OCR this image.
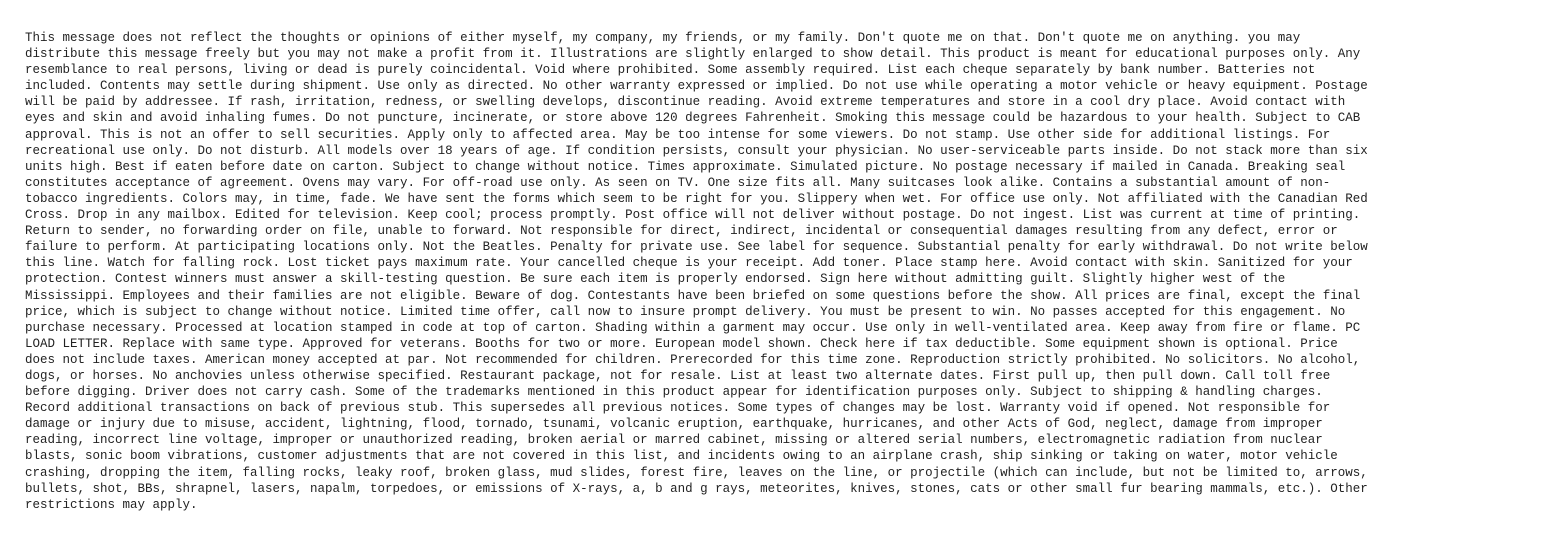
This message does not reflect the thoughts or opinions of either myself, my company, my friends, or my family. Don't quote me on that. Don't quote me on anything. you may
distribute this message freely but you may not make a profit from it. Illustrations are slightly enlarged to show detail. This product is meant for educational purposes only. Any
resemblance to real persons, living or dead is purely coincidental. Void where prohibited. Some assembly required. List each cheque separately by bank number. Batteries not
included. Contents may settle during shipment. Use only as directed. No other warranty expressed or implied. Do not use while operating a motor vehicle or heavy equipment. Postage
will be paid by addressee. If rash, irritation, redness, or swelling develops, discontinue reading. Avoid extreme temperatures and store in a cool dry place. Avoid contact with
eyes and skin and avoid inhaling fumes. Do not puncture, incinerate, or store above 120 degrees Fahrenheit. Smoking this message could be hazardous to your health. Subject to CAB
approval. This is not an offer to sell securities. Apply only to affected area. May be too intense for some viewers. Do not stamp. Use other side for additional listings. For
recreational use only. Do not disturb. All models over 18 years of age. If condition persists, consult your physician. No user-serviceable parts inside. Do not stack more than six
units high. Best if eaten before date on carton. Subject to change without notice. Times approximate. Simulated picture. No postage necessary if mailed in Canada. Breaking seal
constitutes acceptance of agreement. Ovens may vary. For off-road use only. As seen on TV. One size fits all. Many suitcases look alike. Contains a substantial amount of non-
tobacco ingredients. Colors may, in time, fade. We have sent the forms which seem to be right for you. Slippery when wet. For office use only. Not affiliated with the Canadian Red
Cross. Drop in any mailbox. Edited for television. Keep cool; process promptly. Post office will not deliver without postage. Do not ingest. List was current at time of printing.
Return to sender, no forwarding order on file, unable to forward. Not responsible for direct, indirect, incidental or consequential damages resulting from any defect, error or
failure to perform. At participating locations only. Not the Beatles. Penalty for private use. See label for sequence. Substantial penalty for early withdrawal. Do not write below
this line. Watch for falling rock. Lost ticket pays maximum rate. Your cancelled cheque is your receipt. Add toner. Place stamp here. Avoid contact with skin. Sanitized for your
protection. Contest winners must answer a skill-testing question. Be sure each item is properly endorsed. Sign here without admitting guilt. Slightly higher west of the
Mississippi. Employees and their families are not eligible. Beware of dog. Contestants have been briefed on some questions before the show. All prices are final, except the final
price, which is subject to change without notice. Limited time offer, call now to insure prompt delivery. You must be present to win. No passes accepted for this engagement. No
purchase necessary. Processed at location stamped in code at top of carton. Shading within a garment may occur. Use only in well-ventilated area. Keep away from fire or flame. PC
LOAD LETTER. Replace with same type. Approved for veterans. Booths for two or more. European model shown. Check here if tax deductible. Some equipment shown is optional. Price
does not include taxes. American money accepted at par. Not recommended for children. Prerecorded for this time zone. Reproduction strictly prohibited. No solicitors. No alcohol,
dogs, or horses. No anchovies unless otherwise specified. Restaurant package, not for resale. List at least two alternate dates. First pull up, then pull down. Call toll free
before digging. Driver does not carry cash. Some of the trademarks mentioned in this product appear for identification purposes only. Subject to shipping & handling charges.
Record additional transactions on back of previous stub. This supersedes all previous notices. Some types of changes may be lost. Warranty void if opened. Not responsible for
damage or injury due to misuse, accident, lightning, flood, tornado, tsunami, volcanic eruption, earthquake, hurricanes, and other Acts of God, neglect, damage from improper
reading, incorrect line voltage, improper or unauthorized reading, broken aerial or marred cabinet, missing or altered serial numbers, electromagnetic radiation from nuclear
blasts, sonic boom vibrations, customer adjustments that are not covered in this list, and incidents owing to an airplane crash, ship sinking or taking on water, motor vehicle
crashing, dropping the item, falling rocks, leaky roof, broken glass, mud slides, forest fire, leaves on the line, or projectile (which can include, but not be limited to, arrows,
bullets, shot, BBs, shrapnel, lasers, napalm, torpedoes, or emissions of X-rays, a, b and g rays, meteorites, knives, stones, cats or other small fur bearing mammals, etc.). Other
restrictions may apply.
